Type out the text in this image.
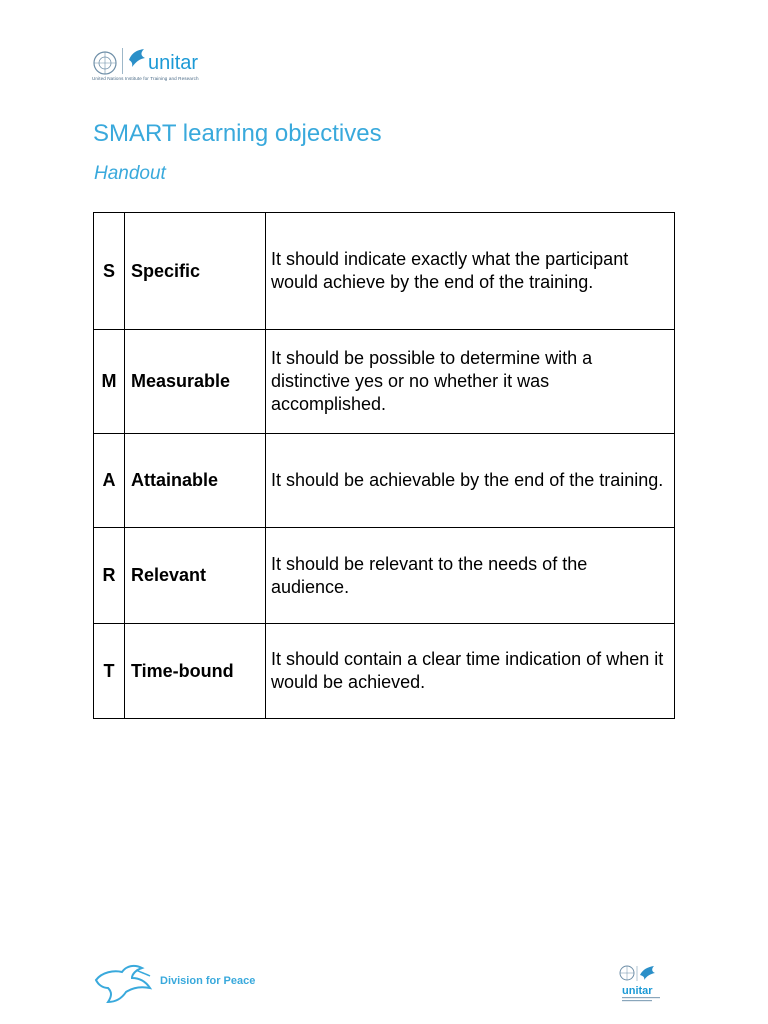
unitar
United Nations Institute for Training and Research
SMART learning objectives
Handout
S	Specific	It should indicate exactly what the participant would achieve by the end of the training.
M	Measurable	It should be possible to determine with a distinctive yes or no whether it was accomplished.
A	Attainable	It should be achievable by the end of the training.
R	Relevant	It should be relevant to the needs of the audience.
T	Time-bound	It should contain a clear time indication of when it would be achieved.
Division for Peace
unitar
